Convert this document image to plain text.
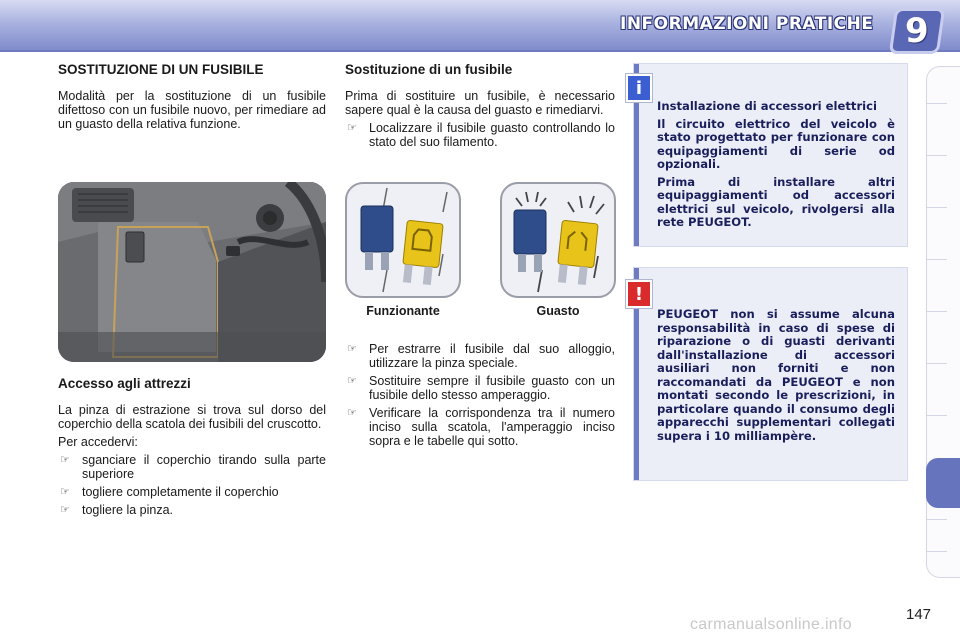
INFORMAZIONI PRATICHE 9
SOSTITUZIONE DI UN FUSIBILE

Modalità per la sostituzione di un fusibile difettoso con un fusibile nuovo, per rimediare ad un guasto della relativa funzione.

Accesso agli attrezzi

La pinza di estrazione si trova sul dorso del coperchio della scatola dei fusibili del cruscotto.

Per accedervi:

☞ sganciare il coperchio tirando sulla parte superiore
☞ togliere completamente il coperchio
☞ togliere la pinza.
Sostituzione di un fusibile

Prima di sostituire un fusibile, è necessario sapere qual è la causa del guasto e rimediarvi.

☞ Localizzare il fusibile guasto controllando lo stato del suo filamento.
Funzionante	Guasto
☞ Per estrarre il fusibile dal suo alloggio, utilizzare la pinza speciale.
☞ Sostituire sempre il fusibile guasto con un fusibile dello stesso amperaggio.
☞ Verificare la corrispondenza tra il numero inciso sulla scatola, l'amperaggio inciso sopra e le tabelle qui sotto.
Installazione di accessori elettrici
Il circuito elettrico del veicolo è stato progettato per funzionare con equipaggiamenti di serie od opzionali.
Prima di installare altri equipaggiamenti od accessori elettrici sul veicolo, rivolgersi alla rete PEUGEOT.
i
PEUGEOT non si assume alcuna responsabilità in caso di spese di riparazione o di guasti derivanti dall'installazione di accessori ausiliari non forniti e non raccomandati da PEUGEOT e non montati secondo le prescrizioni, in particolare quando il consumo degli apparecchi supplementari collegati supera i 10 milliampère.
!
147
carmanualsonline.info
